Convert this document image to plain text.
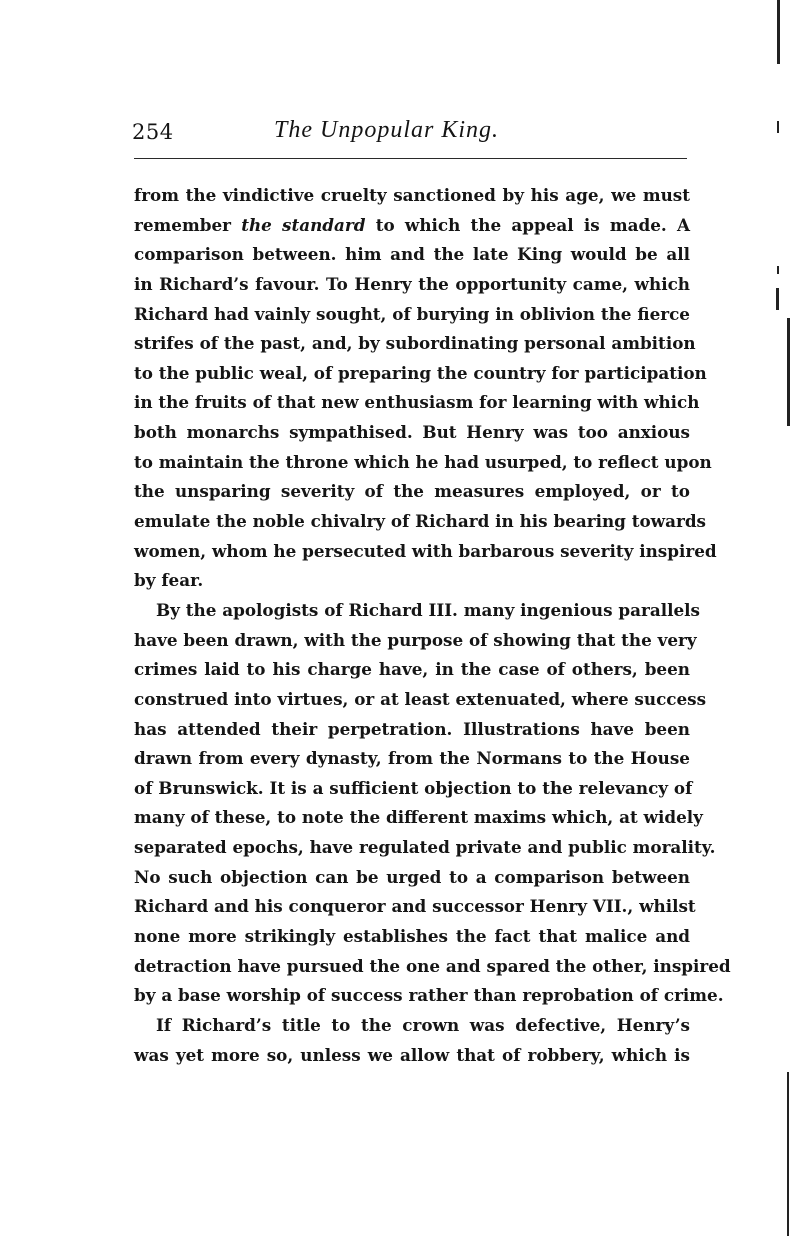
254	The Unpopular King.
from the vindictive cruelty sanctioned by his age, we must
remember the standard to which the appeal is made. A
comparison between. him and the late King would be all
in Richard’s favour. To Henry the opportunity came, which
Richard had vainly sought, of burying in oblivion the fierce
strifes of the past, and, by subordinating personal ambition
to the public weal, of preparing the country for participation
in the fruits of that new enthusiasm for learning with which
both monarchs sympathised. But Henry was too anxious
to maintain the throne which he had usurped, to reflect upon
the unsparing severity of the measures employed, or to
emulate the noble chivalry of Richard in his bearing towards
women, whom he persecuted with barbarous severity inspired
by fear.
By the apologists of Richard III. many ingenious parallels
have been drawn, with the purpose of showing that the very
crimes laid to his charge have, in the case of others, been
construed into virtues, or at least extenuated, where success
has attended their perpetration. Illustrations have been
drawn from every dynasty, from the Normans to the House
of Brunswick. It is a sufficient objection to the relevancy of
many of these, to note the different maxims which, at widely
separated epochs, have regulated private and public morality.
No such objection can be urged to a comparison between
Richard and his conqueror and successor Henry VII., whilst
none more strikingly establishes the fact that malice and
detraction have pursued the one and spared the other, inspired
by a base worship of success rather than reprobation of crime.
If Richard’s title to the crown was defective, Henry’s
was yet more so, unless we allow that of robbery, which is
